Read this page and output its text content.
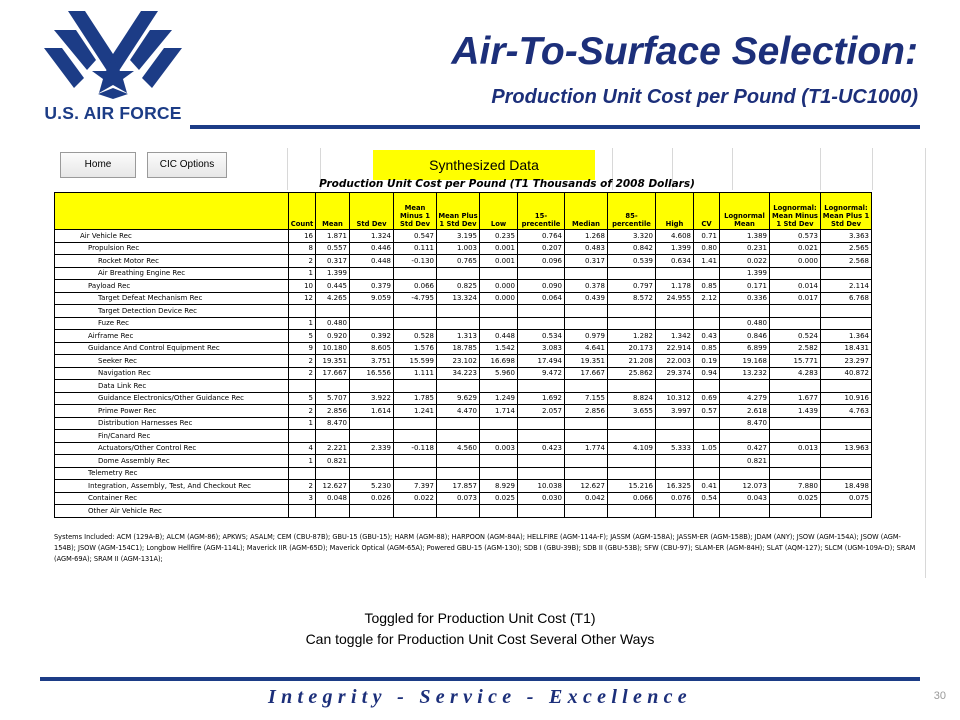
U.S. AIR FORCE
Air-To-Surface Selection:
Production Unit Cost per Pound (T1-UC1000)
Home	CIC Options	Synthesized Data
Production Unit Cost per Pound (T1 Thousands of 2008 Dollars)
	Count	Mean	Std Dev	Mean Minus 1 Std Dev	Mean Plus 1 Std Dev	Low	15-precentile	Median	85-percentile	High	CV	Lognormal Mean	Lognormal: Mean Minus 1 Std Dev	Lognormal: Mean Plus 1 Std Dev
Air Vehicle Rec	16	1.871	1.324	0.547	3.195	0.235	0.764	1.268	3.320	4.608	0.71	1.389	0.573	3.363
Propulsion Rec	8	0.557	0.446	0.111	1.003	0.001	0.207	0.483	0.842	1.399	0.80	0.231	0.021	2.565
Rocket Motor Rec	2	0.317	0.448	-0.130	0.765	0.001	0.096	0.317	0.539	0.634	1.41	0.022	0.000	2.568
Air Breathing Engine Rec	1	1.399										1.399		
Payload Rec	10	0.445	0.379	0.066	0.825	0.000	0.090	0.378	0.797	1.178	0.85	0.171	0.014	2.114
Target Defeat Mechanism Rec	12	4.265	9.059	-4.795	13.324	0.000	0.064	0.439	8.572	24.955	2.12	0.336	0.017	6.768
Target Detection Device Rec														
Fuze Rec	1	0.480										0.480		
Airframe Rec	5	0.920	0.392	0.528	1.313	0.448	0.534	0.979	1.282	1.342	0.43	0.846	0.524	1.364
Guidance And Control Equipment Rec	9	10.180	8.605	1.576	18.785	1.542	3.083	4.641	20.173	22.914	0.85	6.899	2.582	18.431
Seeker Rec	2	19.351	3.751	15.599	23.102	16.698	17.494	19.351	21.208	22.003	0.19	19.168	15.771	23.297
Navigation Rec	2	17.667	16.556	1.111	34.223	5.960	9.472	17.667	25.862	29.374	0.94	13.232	4.283	40.872
Data Link Rec														
Guidance Electronics/Other Guidance Rec	5	5.707	3.922	1.785	9.629	1.249	1.692	7.155	8.824	10.312	0.69	4.279	1.677	10.916
Prime Power Rec	2	2.856	1.614	1.241	4.470	1.714	2.057	2.856	3.655	3.997	0.57	2.618	1.439	4.763
Distribution Harnesses Rec	1	8.470										8.470		
Fin/Canard Rec														
Actuators/Other Control Rec	4	2.221	2.339	-0.118	4.560	0.003	0.423	1.774	4.109	5.333	1.05	0.427	0.013	13.963
Dome Assembly Rec	1	0.821										0.821		
Telemetry Rec														
Integration, Assembly, Test, And Checkout Rec	2	12.627	5.230	7.397	17.857	8.929	10.038	12.627	15.216	16.325	0.41	12.073	7.880	18.498
Container Rec	3	0.048	0.026	0.022	0.073	0.025	0.030	0.042	0.066	0.076	0.54	0.043	0.025	0.075
Other Air Vehicle Rec														
Systems Included: ACM (129A-B); ALCM (AGM-86); APKWS; ASALM; CEM (CBU-87B); GBU-15 (GBU-15); HARM (AGM-88); HARPOON (AGM-84A); HELLFIRE (AGM-114A-F); JASSM (AGM-158A); JASSM-ER (AGM-158B); JDAM (ANY); JSOW (AGM-154A); JSOW (AGM-154B); JSOW (AGM-154C1); Longbow Hellfire (AGM-114L); Maverick IIR (AGM-65D); Maverick Optical (AGM-65A); Powered GBU-15 (AGM-130); SDB I (GBU-39B); SDB II (GBU-53B); SFW (CBU-97); SLAM-ER (AGM-84H); SLAT (AQM-127); SLCM (UGM-109A-D); SRAM (AGM-69A); SRAM II (AGM-131A);
Toggled for Production Unit Cost (T1)
Can toggle for Production Unit Cost Several Other Ways
Integrity - Service - Excellence	30
